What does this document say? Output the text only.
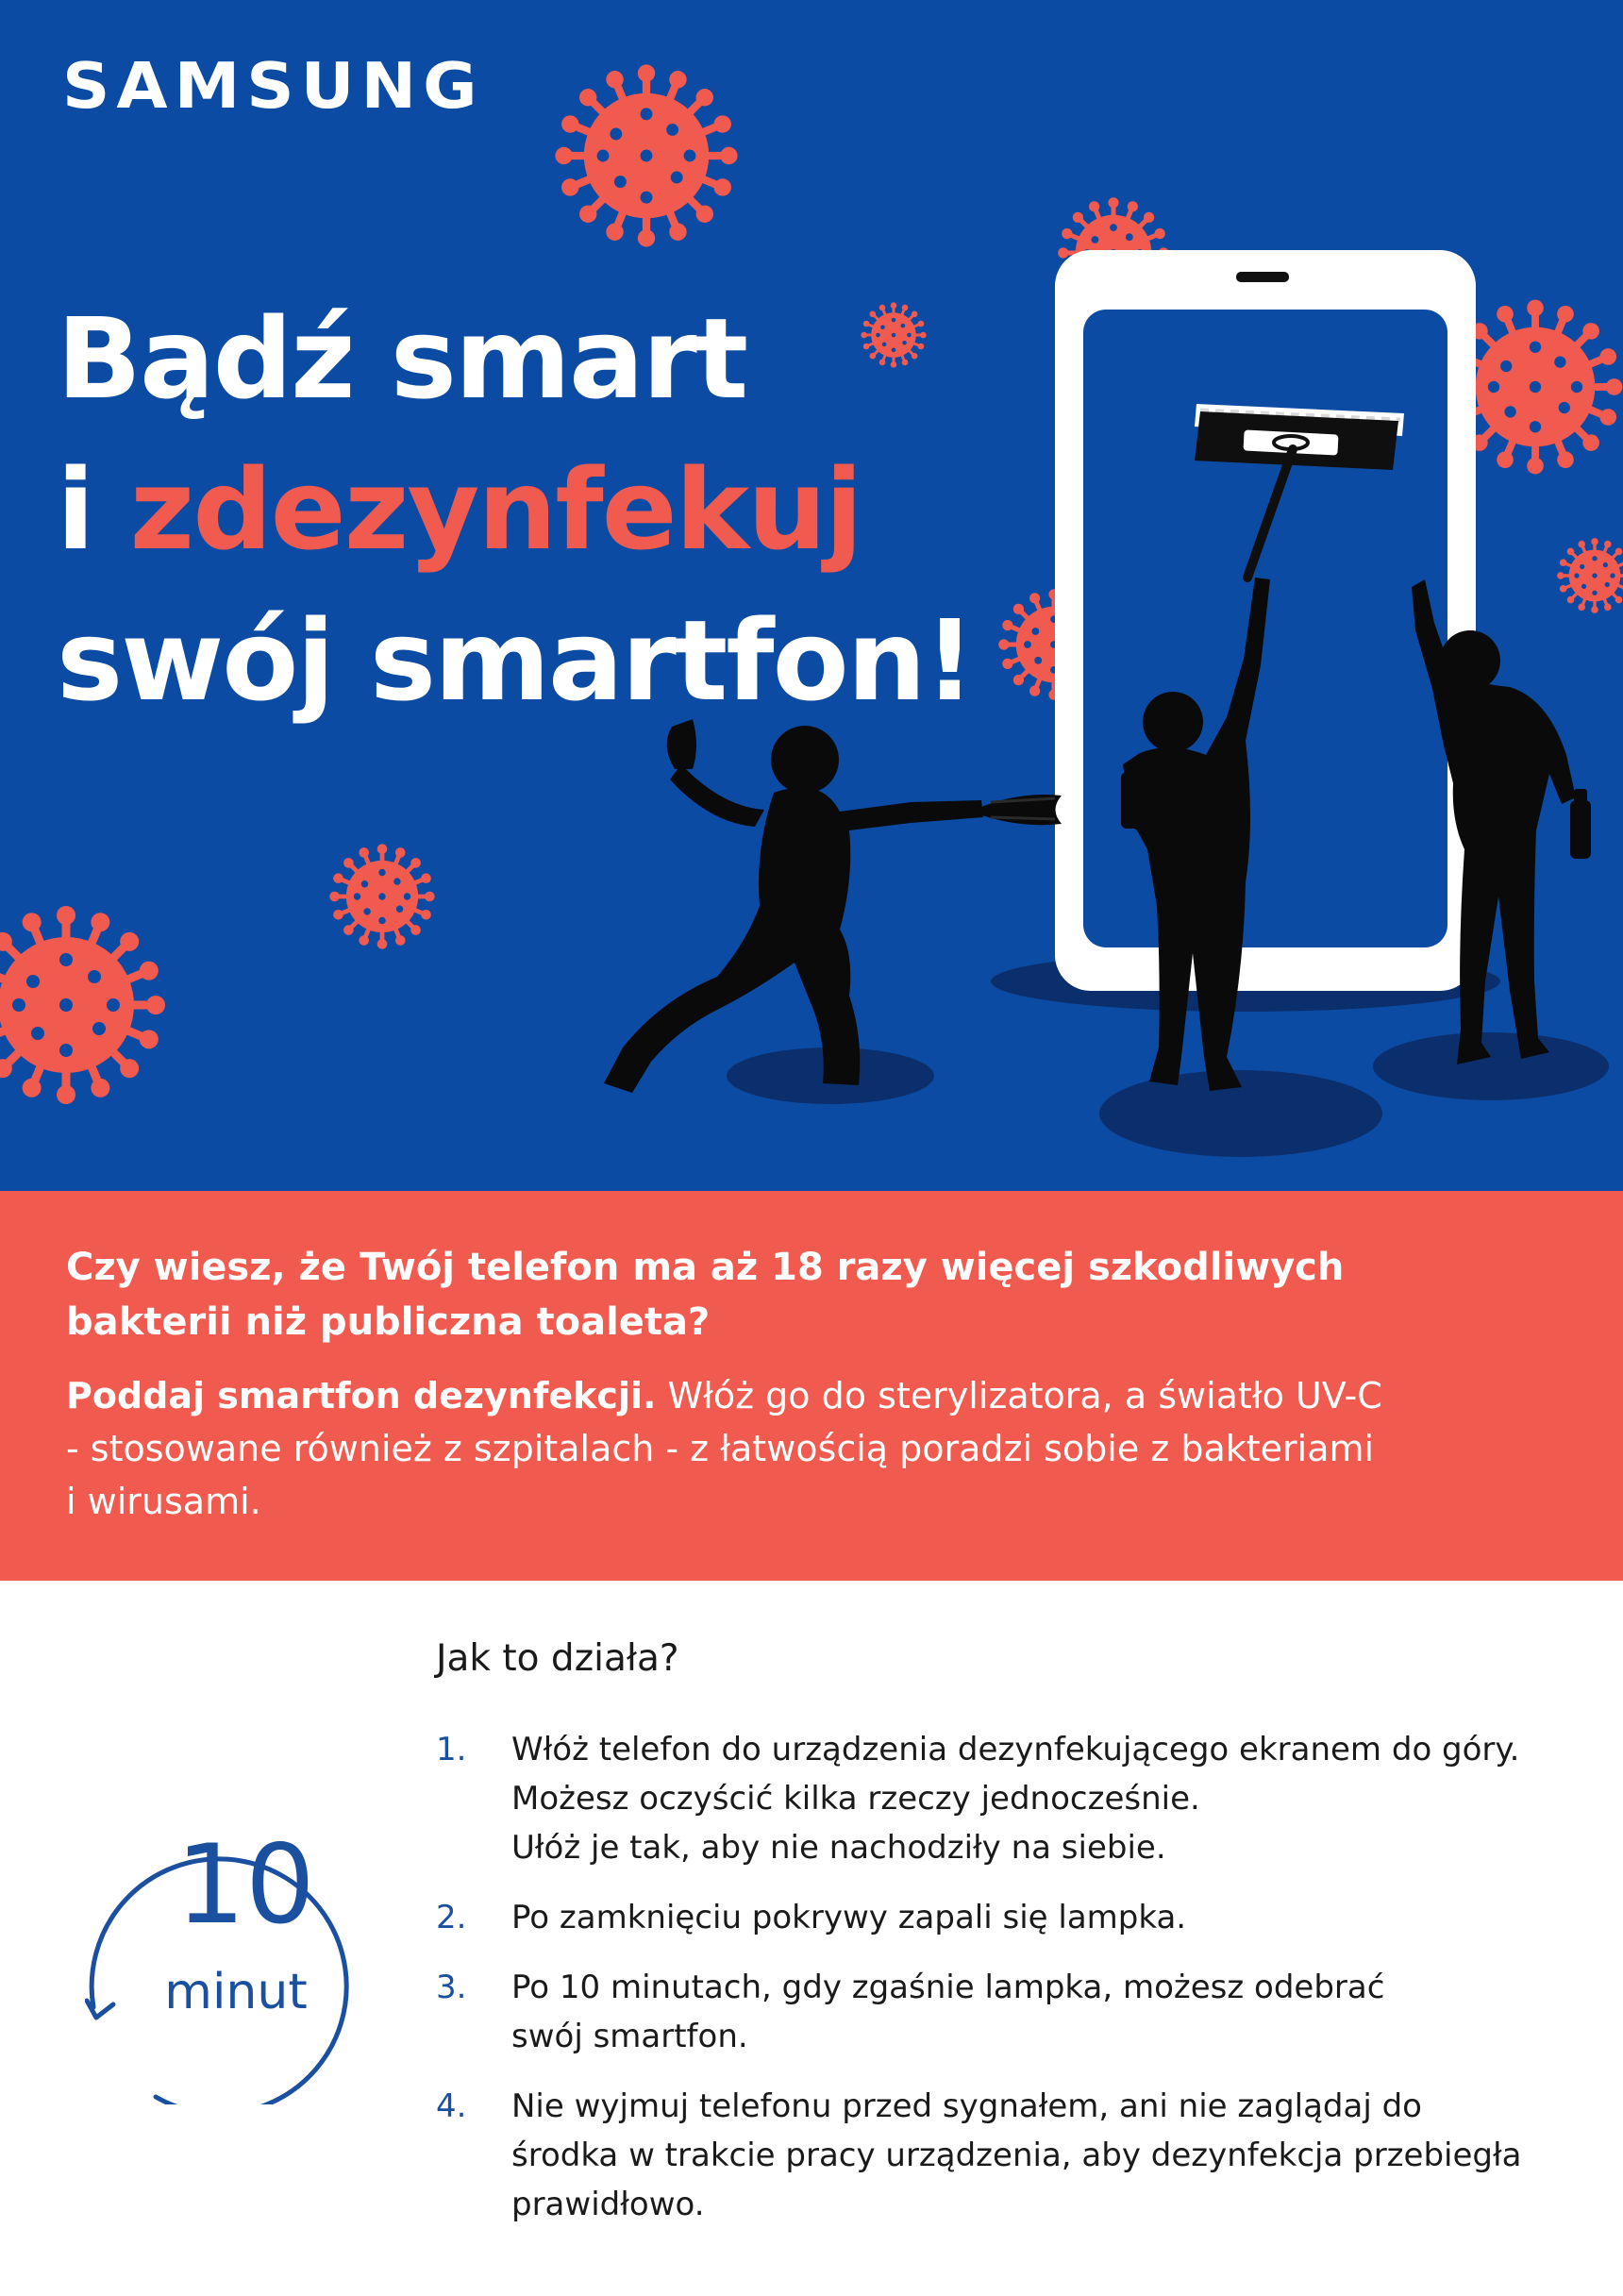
SAMSUNG
Bądź smart
i zdezynfekuj
swój smartfon!

Czy wiesz, że Twój telefon ma aż 18 razy więcej szkodliwych bakterii niż publiczna toaleta?

Poddaj smartfon dezynfekcji. Włóż go do sterylizatora, a światło UV-C - stosowane również z szpitalach - z łatwością poradzi sobie z bakteriami i wirusami.

10
minut
Jak to działa?
1. Włóż telefon do urządzenia dezynfekującego ekranem do góry.
Możesz oczyścić kilka rzeczy jednocześnie.
Ułóż je tak, aby nie nachodziły na siebie.
2. Po zamknięciu pokrywy zapali się lampka.
3. Po 10 minutach, gdy zgaśnie lampka, możesz odebrać
swój smartfon.
4. Nie wyjmuj telefonu przed sygnałem, ani nie zaglądaj do
środka w trakcie pracy urządzenia, aby dezynfekcja przebiegła
prawidłowo.
